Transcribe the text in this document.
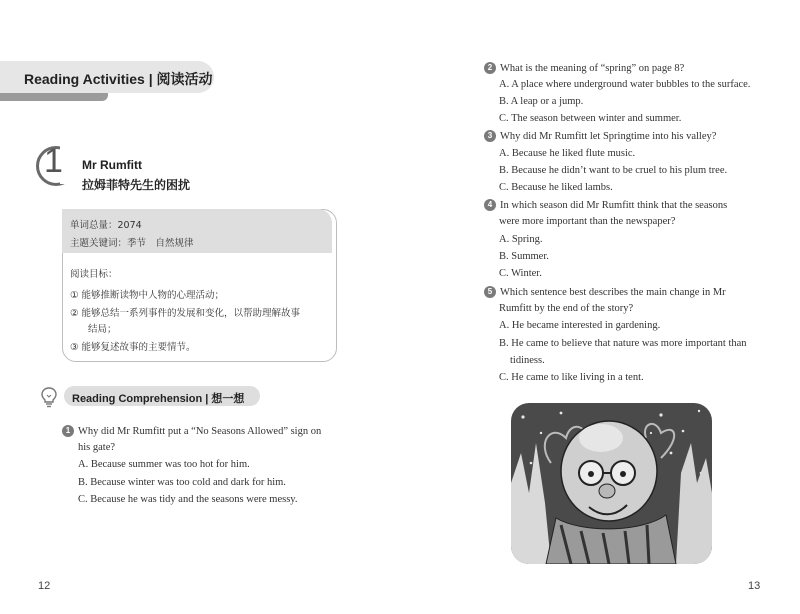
Reading Activities | 阅读活动
1 Mr Rumfitt
拉姆菲特先生的困扰
单词总量：2074
主题关键词：季节　自然规律
阅读目标：
① 能够推断读物中人物的心理活动；
② 能够总结一系列事件的发展和变化，以帮助理解故事
结局；
③ 能够复述故事的主要情节。
Reading Comprehension | 想一想
1 Why did Mr Rumfitt put a “No Seasons Allowed” sign on
his gate?
A. Because summer was too hot for him.
B. Because winter was too cold and dark for him.
C. Because he was tidy and the seasons were messy.
12
2 What is the meaning of “spring” on page 8?
A. A place where underground water bubbles to the surface.
B. A leap or a jump.
C. The season between winter and summer.
3 Why did Mr Rumfitt let Springtime into his valley?
A. Because he liked flute music.
B. Because he didn’t want to be cruel to his plum tree.
C. Because he liked lambs.
4 In which season did Mr Rumfitt think that the seasons
were more important than the newspaper?
A. Spring.
B. Summer.
C. Winter.
5 Which sentence best describes the main change in Mr
Rumfitt by the end of the story?
A. He became interested in gardening.
B. He came to believe that nature was more important than
tidiness.
C. He came to like living in a tent.
13
